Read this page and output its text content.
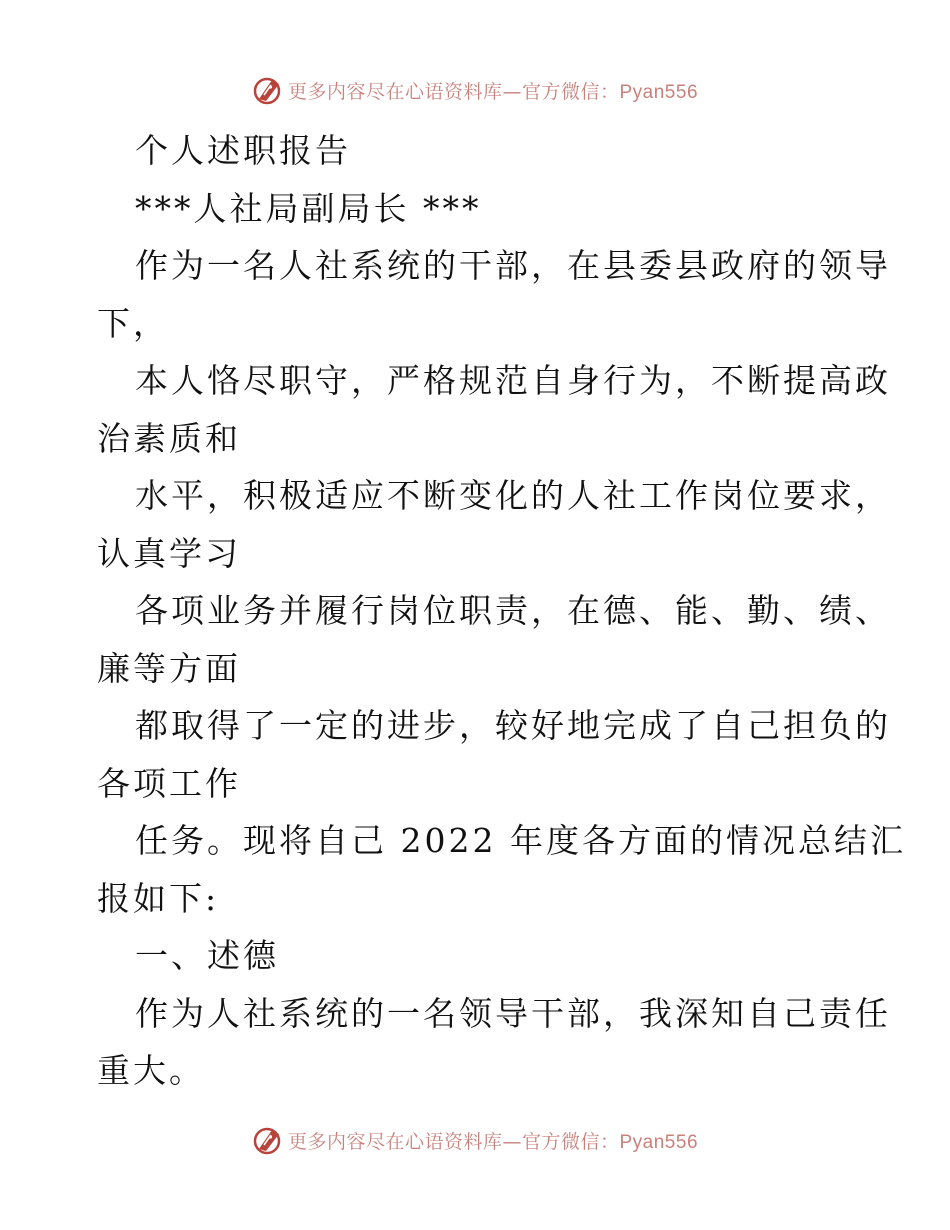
更多内容尽在心语资料库—官方微信：Pyan556
个人述职报告
***人社局副局长 ***
作为一名人社系统的干部，在县委县政府的领导
下，
本人恪尽职守，严格规范自身行为，不断提高政
治素质和
水平，积极适应不断变化的人社工作岗位要求，
认真学习
各项业务并履行岗位职责，在德、能、勤、绩、
廉等方面
都取得了一定的进步，较好地完成了自己担负的
各项工作
任务。现将自己 2022 年度各方面的情况总结汇
报如下:
一、述德
作为人社系统的一名领导干部，我深知自己责任
重大。
更多内容尽在心语资料库—官方微信：Pyan556
